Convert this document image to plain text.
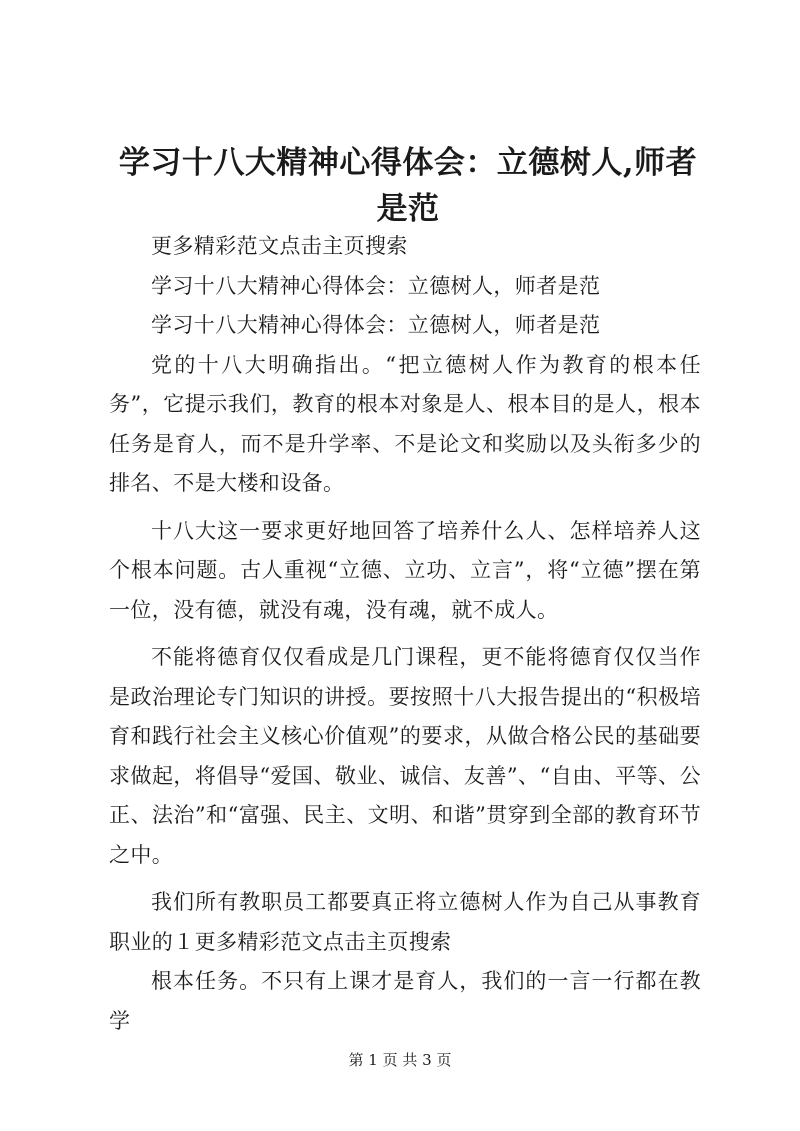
学习十八大精神心得体会：立德树人,师者是范

更多精彩范文点击主页搜索

学习十八大精神心得体会：立德树人，师者是范

学习十八大精神心得体会：立德树人，师者是范

党的十八大明确指出。“把立德树人作为教育的根本任务”，它提示我们，教育的根本对象是人、根本目的是人，根本任务是育人，而不是升学率、不是论文和奖励以及头衔多少的排名、不是大楼和设备。

十八大这一要求更好地回答了培养什么人、怎样培养人这个根本问题。古人重视“立德、立功、立言”，将“立德”摆在第一位，没有德，就没有魂，没有魂，就不成人。

不能将德育仅仅看成是几门课程，更不能将德育仅仅当作是政治理论专门知识的讲授。要按照十八大报告提出的“积极培育和践行社会主义核心价值观”的要求，从做合格公民的基础要求做起，将倡导“爱国、敬业、诚信、友善”、“自由、平等、公正、法治”和“富强、民主、文明、和谐”贯穿到全部的教育环节之中。

我们所有教职员工都要真正将立德树人作为自己从事教育职业的１更多精彩范文点击主页搜索

根本任务。不只有上课才是育人，我们的一言一行都在教学

第 1 页 共 3 页
